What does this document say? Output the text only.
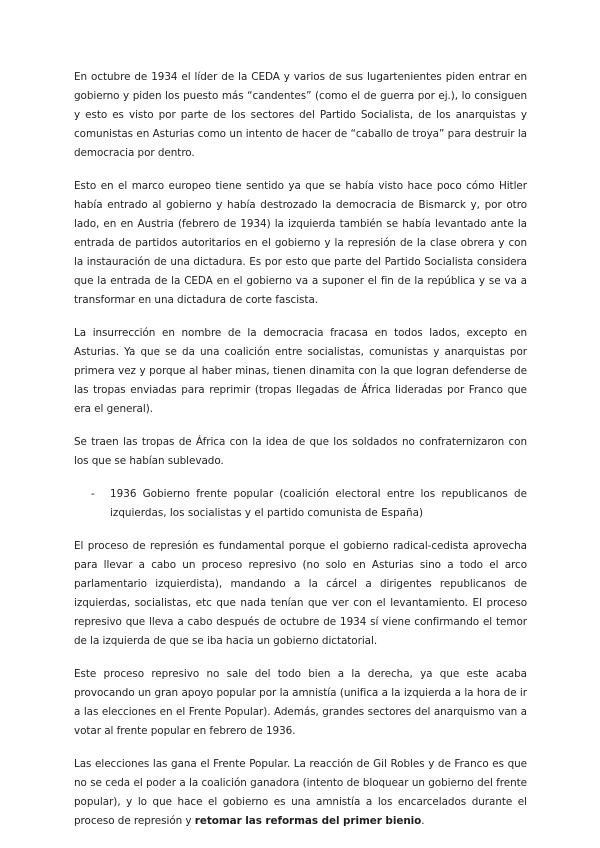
En octubre de 1934 el líder de la CEDA y varios de sus lugartenientes piden entrar en gobierno y piden los puesto más “candentes” (como el de guerra por ej.), lo consiguen y esto es visto por parte de los sectores del Partido Socialista, de los anarquistas y comunistas en Asturias como un intento de hacer de “caballo de troya” para destruir la democracia por dentro.

Esto en el marco europeo tiene sentido ya que se había visto hace poco cómo Hitler había entrado al gobierno y había destrozado la democracia de Bismarck y, por otro lado, en en Austria (febrero de 1934) la izquierda también se había levantado ante la entrada de partidos autoritarios en el gobierno y la represión de la clase obrera y con la instauración de una dictadura. Es por esto que parte del Partido Socialista considera que la entrada de la CEDA en el gobierno va a suponer el fin de la república y se va a transformar en una dictadura de corte fascista.

La insurrección en nombre de la democracia fracasa en todos lados, excepto en Asturias. Ya que se da una coalición entre socialistas, comunistas y anarquistas por primera vez y porque al haber minas, tienen dinamita con la que logran defenderse de las tropas enviadas para reprimir (tropas llegadas de África lideradas por Franco que era el general).

Se traen las tropas de África con la idea de que los soldados no confraternizaron con los que se habían sublevado.

-	1936 Gobierno frente popular (coalición electoral entre los republicanos de izquierdas, los socialistas y el partido comunista de España)

El proceso de represión es fundamental porque el gobierno radical-cedista aprovecha para llevar a cabo un proceso represivo (no solo en Asturias sino a todo el arco parlamentario izquierdista), mandando a la cárcel a dirigentes republicanos de izquierdas, socialistas, etc que nada tenían que ver con el levantamiento. El proceso represivo que lleva a cabo después de octubre de 1934 sí viene confirmando el temor de la izquierda de que se iba hacia un gobierno dictatorial.

Este proceso represivo no sale del todo bien a la derecha, ya que este acaba provocando un gran apoyo popular por la amnistía (unifica a la izquierda a la hora de ir a las elecciones en el Frente Popular). Además, grandes sectores del anarquismo van a votar al frente popular en febrero de 1936.

Las elecciones las gana el Frente Popular. La reacción de Gil Robles y de Franco es que no se ceda el poder a la coalición ganadora (intento de bloquear un gobierno del frente popular), y lo que hace el gobierno es una amnistía a los encarcelados durante el proceso de represión y retomar las reformas del primer bienio.
